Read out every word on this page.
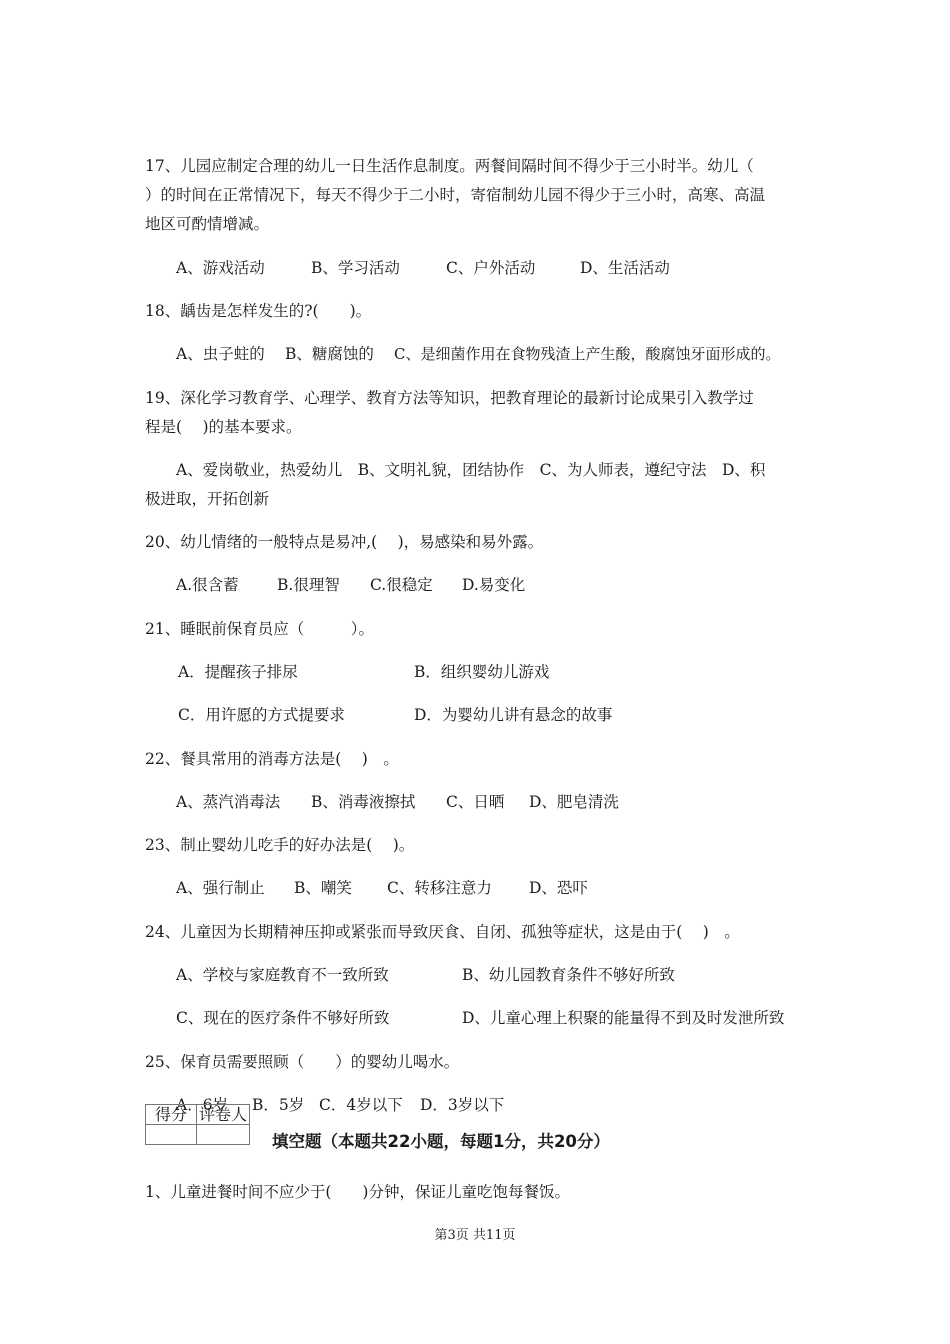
17、儿园应制定合理的幼儿一日生活作息制度。两餐间隔时间不得少于三小时半。幼儿（
）的时间在正常情况下，每天不得少于二小时，寄宿制幼儿园不得少于三小时，高寒、高温
地区可酌情增减。
A、游戏活动	B、学习活动	C、户外活动	D、生活活动
18、龋齿是怎样发生的?(　　)。
A、虫子蛀的 B、糖腐蚀的 C、是细菌作用在食物残渣上产生酸，酸腐蚀牙面形成的。
19、深化学习教育学、心理学、教育方法等知识，把教育理论的最新讨论成果引入教学过
程是(　 )的基本要求。
A、爱岗敬业，热爱幼儿　B、文明礼貌，团结协作　C、为人师表，遵纪守法　D、积
极进取，开拓创新
20、幼儿情绪的一般特点是易冲,(　 )，易感染和易外露。
A.很含蓄 B.很理智 C.很稳定 D.易变化
21、睡眠前保育员应（　　　）。
A．提醒孩子排尿	B．组织婴幼儿游戏
C．用许愿的方式提要求	D．为婴幼儿讲有悬念的故事
22、餐具常用的消毒方法是(　 )　。
A、蒸汽消毒法 B、消毒液擦拭 C、日晒 D、肥皂清洗
23、制止婴幼儿吃手的好办法是(　 )。
A、强行制止 B、嘲笑 C、转移注意力 D、恐吓
24、儿童因为长期精神压抑或紧张而导致厌食、自闭、孤独等症状，这是由于(　 )　。
A、学校与家庭教育不一致所致	B、幼儿园教育条件不够好所致
C、现在的医疗条件不够好所致	D、儿童心理上积聚的能量得不到及时发泄所致
25、保育员需要照顾（　　）的婴幼儿喝水。
A．6岁 B．5岁 C．4岁以下 D．3岁以下
得分	评卷人

填空题（本题共22小题，每题1分，共20分）
1、儿童进餐时间不应少于(　　)分钟，保证儿童吃饱每餐饭。
第3页 共11页
